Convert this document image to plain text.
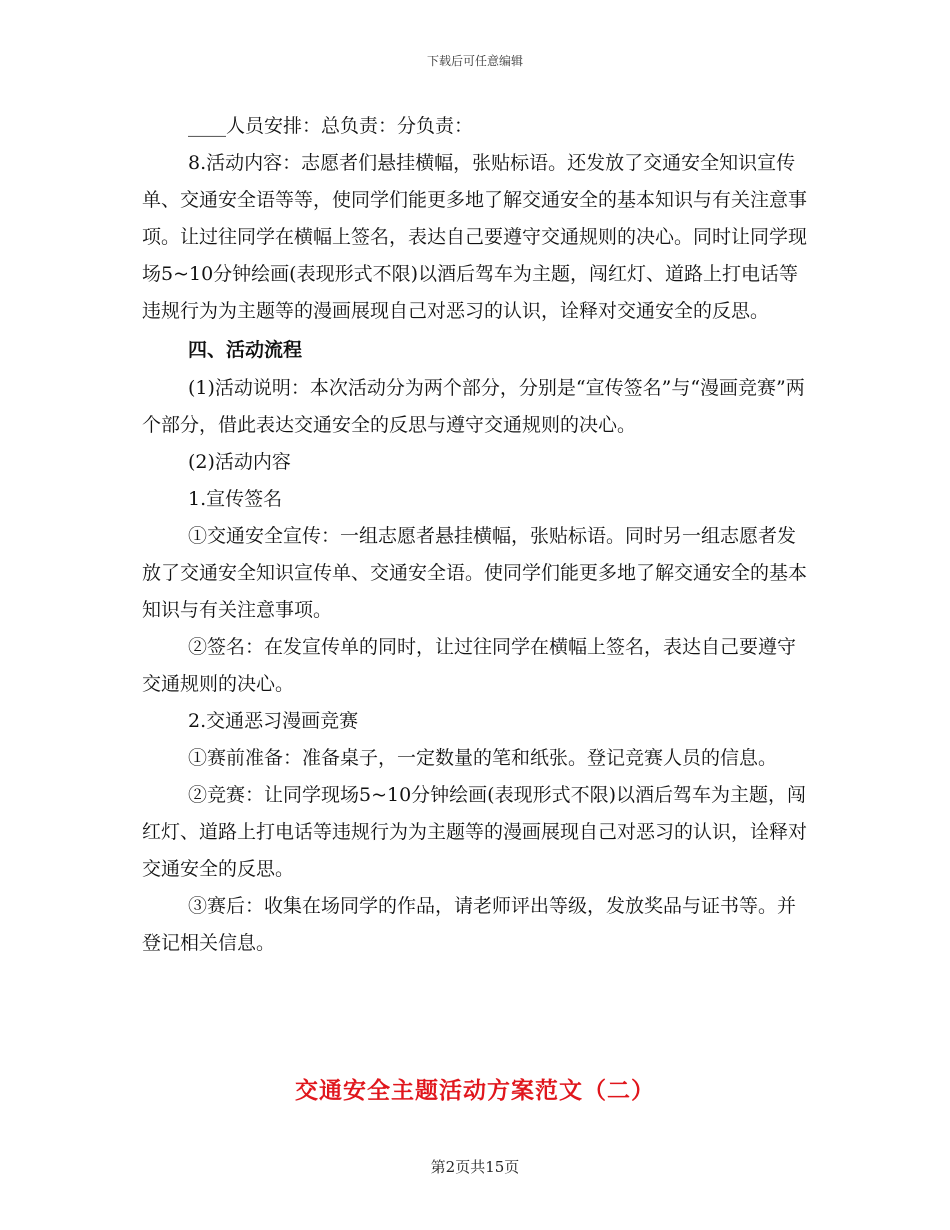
下载后可任意编辑

____人员安排：总负责：分负责：

8.活动内容：志愿者们悬挂横幅，张贴标语。还发放了交通安全知识宣传单、交通安全语等等，使同学们能更多地了解交通安全的基本知识与有关注意事项。让过往同学在横幅上签名，表达自己要遵守交通规则的决心。同时让同学现场5~10分钟绘画(表现形式不限)以酒后驾车为主题，闯红灯、道路上打电话等违规行为为主题等的漫画展现自己对恶习的认识，诠释对交通安全的反思。

四、活动流程

(1)活动说明：本次活动分为两个部分，分别是“宣传签名”与“漫画竞赛”两个部分，借此表达交通安全的反思与遵守交通规则的决心。

(2)活动内容

1.宣传签名

①交通安全宣传：一组志愿者悬挂横幅，张贴标语。同时另一组志愿者发放了交通安全知识宣传单、交通安全语。使同学们能更多地了解交通安全的基本知识与有关注意事项。

②签名：在发宣传单的同时，让过往同学在横幅上签名，表达自己要遵守交通规则的决心。

2.交通恶习漫画竞赛

①赛前准备：准备桌子，一定数量的笔和纸张。登记竞赛人员的信息。

②竞赛：让同学现场5~10分钟绘画(表现形式不限)以酒后驾车为主题，闯红灯、道路上打电话等违规行为为主题等的漫画展现自己对恶习的认识，诠释对交通安全的反思。

③赛后：收集在场同学的作品，请老师评出等级，发放奖品与证书等。并登记相关信息。

交通安全主题活动方案范文（二）
第2页共15页
